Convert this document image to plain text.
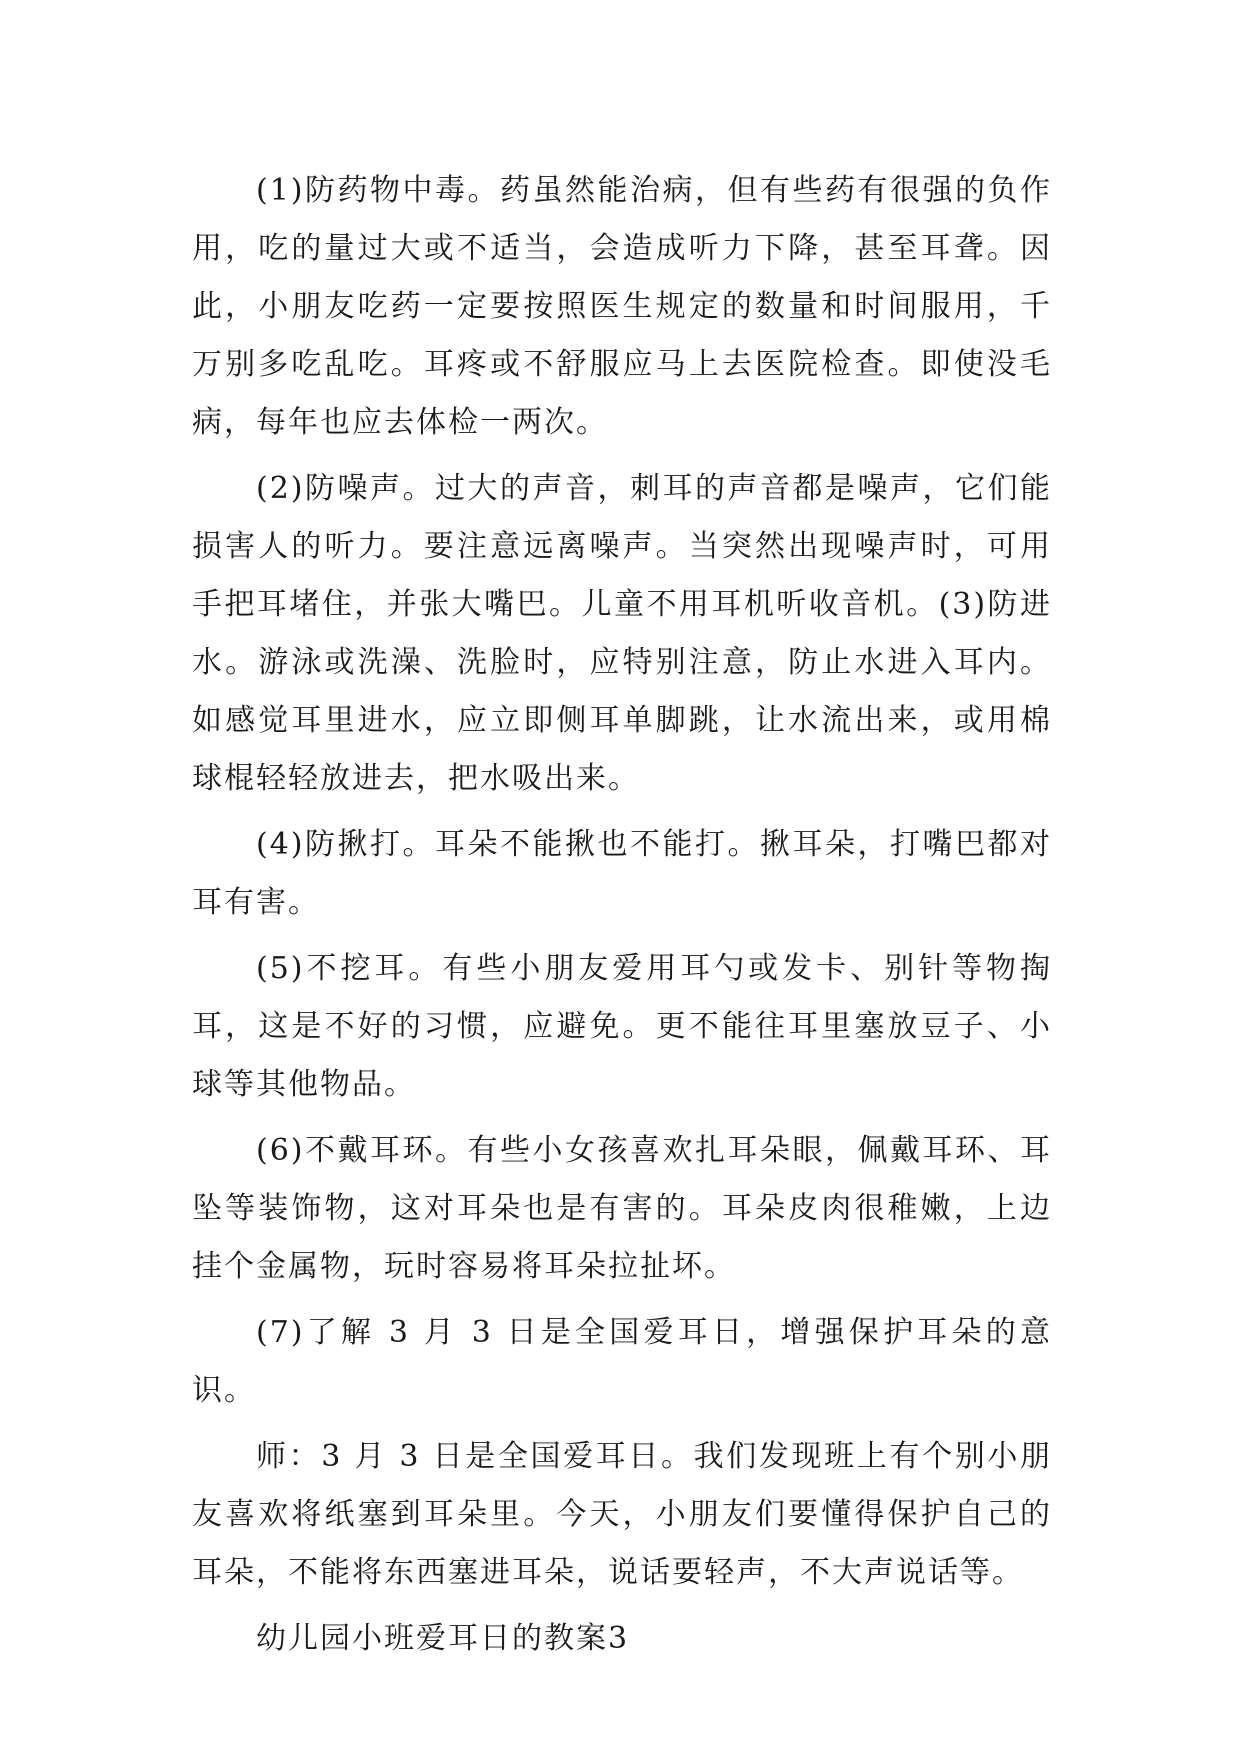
(1)防药物中毒。药虽然能治病，但有些药有很强的负作用，吃的量过大或不适当，会造成听力下降，甚至耳聋。因此，小朋友吃药一定要按照医生规定的数量和时间服用，千万别多吃乱吃。耳疼或不舒服应马上去医院检查。即使没毛病，每年也应去体检一两次。

(2)防噪声。过大的声音，刺耳的声音都是噪声，它们能损害人的听力。要注意远离噪声。当突然出现噪声时，可用手把耳堵住，并张大嘴巴。儿童不用耳机听收音机。(3)防进水。游泳或洗澡、洗脸时，应特别注意，防止水进入耳内。如感觉耳里进水，应立即侧耳单脚跳，让水流出来，或用棉球棍轻轻放进去，把水吸出来。

(4)防揪打。耳朵不能揪也不能打。揪耳朵，打嘴巴都对耳有害。

(5)不挖耳。有些小朋友爱用耳勺或发卡、别针等物掏耳，这是不好的习惯，应避免。更不能往耳里塞放豆子、小球等其他物品。

(6)不戴耳环。有些小女孩喜欢扎耳朵眼，佩戴耳环、耳坠等装饰物，这对耳朵也是有害的。耳朵皮肉很稚嫩，上边挂个金属物，玩时容易将耳朵拉扯坏。

(7)了解 3 月 3 日是全国爱耳日，增强保护耳朵的意识。

师：3 月 3 日是全国爱耳日。我们发现班上有个别小朋友喜欢将纸塞到耳朵里。今天，小朋友们要懂得保护自己的耳朵，不能将东西塞进耳朵，说话要轻声，不大声说话等。

幼儿园小班爱耳日的教案3
